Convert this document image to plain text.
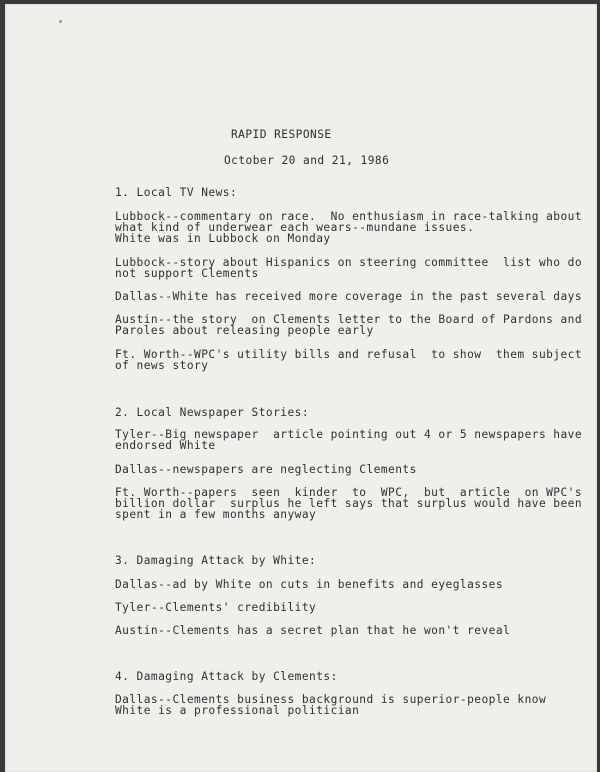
RAPID RESPONSE

October 20 and 21, 1986

1. Local TV News:

Lubbock--commentary on race.  No enthusiasm in race-talking about

what kind of underwear each wears--mundane issues.

White was in Lubbock on Monday

Lubbock--story about Hispanics on steering committee  list who do

not support Clements

Dallas--White has received more coverage in the past several days

Austin--the story  on Clements letter to the Board of Pardons and

Paroles about releasing people early

Ft. Worth--WPC's utility bills and refusal  to show  them subject

of news story

2. Local Newspaper Stories:

Tyler--Big newspaper  article pointing out 4 or 5 newspapers have

endorsed White

Dallas--newspapers are neglecting Clements

Ft. Worth--papers  seen  kinder  to  WPC,  but  article  on WPC's

billion dollar  surplus he left says that surplus would have been

spent in a few months anyway

3. Damaging Attack by White:

Dallas--ad by White on cuts in benefits and eyeglasses

Tyler--Clements' credibility

Austin--Clements has a secret plan that he won't reveal

4. Damaging Attack by Clements:

Dallas--Clements business background is superior-people know

White is a professional politician
